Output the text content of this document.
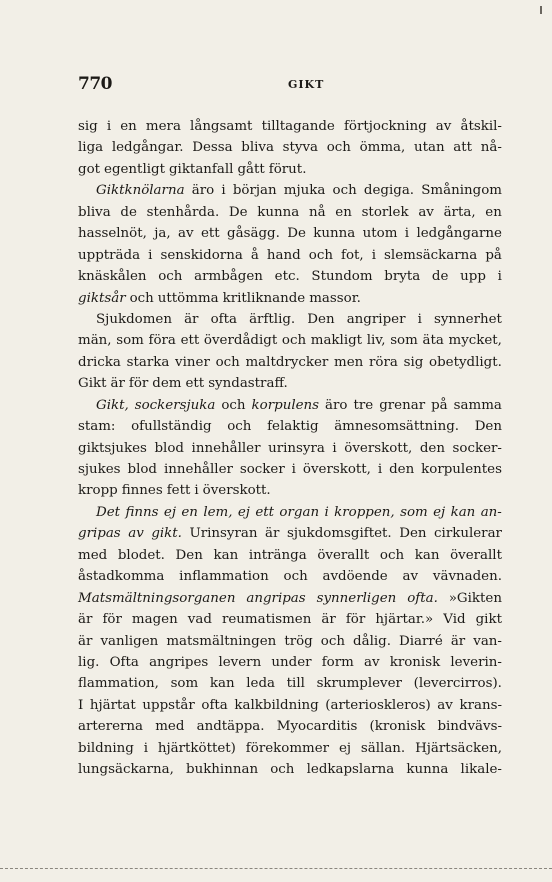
770	GIKT
sig i en mera långsamt tilltagande förtjockning av åtskil-
liga ledgångar. Dessa bliva styva och ömma, utan att nå-
got egentligt giktanfall gått förut.
Giktknölarna äro i början mjuka och degiga. Småningom
bliva de stenhårda. De kunna nå en storlek av ärta, en
hasselnöt, ja, av ett gåsägg. De kunna utom i ledgångarne
uppträda i senskidorna å hand och fot, i slemsäckarna på
knäskålen och armbågen etc. Stundom bryta de upp i
giktsår och uttömma kritliknande massor.
Sjukdomen är ofta ärftlig. Den angriper i synnerhet
män, som föra ett överdådigt och makligt liv, som äta mycket,
dricka starka viner och maltdrycker men röra sig obetydligt.
Gikt är för dem ett syndastraff.
Gikt, sockersjuka och korpulens äro tre grenar på samma
stam: ofullständig och felaktig ämnesomsättning. Den
giktsjukes blod innehåller urinsyra i överskott, den socker-
sjukes blod innehåller socker i överskott, i den korpulentes
kropp finnes fett i överskott.
Det finns ej en lem, ej ett organ i kroppen, som ej kan an-
gripas av gikt. Urinsyran är sjukdomsgiftet. Den cirkulerar
med blodet. Den kan intränga överallt och kan överallt
åstadkomma inflammation och avdöende av vävnaden.
Matsmältningsorganen angripas synnerligen ofta. »Gikten
är för magen vad reumatismen är för hjärtar.» Vid gikt
är vanligen matsmältningen trög och dålig. Diarré är van-
lig. Ofta angripes levern under form av kronisk leverin-
flammation, som kan leda till skrumplever (levercirros).
I hjärtat uppstår ofta kalkbildning (arterioskleros) av krans-
artererna med andtäppa. Myocarditis (kronisk bindvävs-
bildning i hjärtköttet) förekommer ej sällan. Hjärtsäcken,
lungsäckarna, bukhinnan och ledkapslarna kunna likale-
